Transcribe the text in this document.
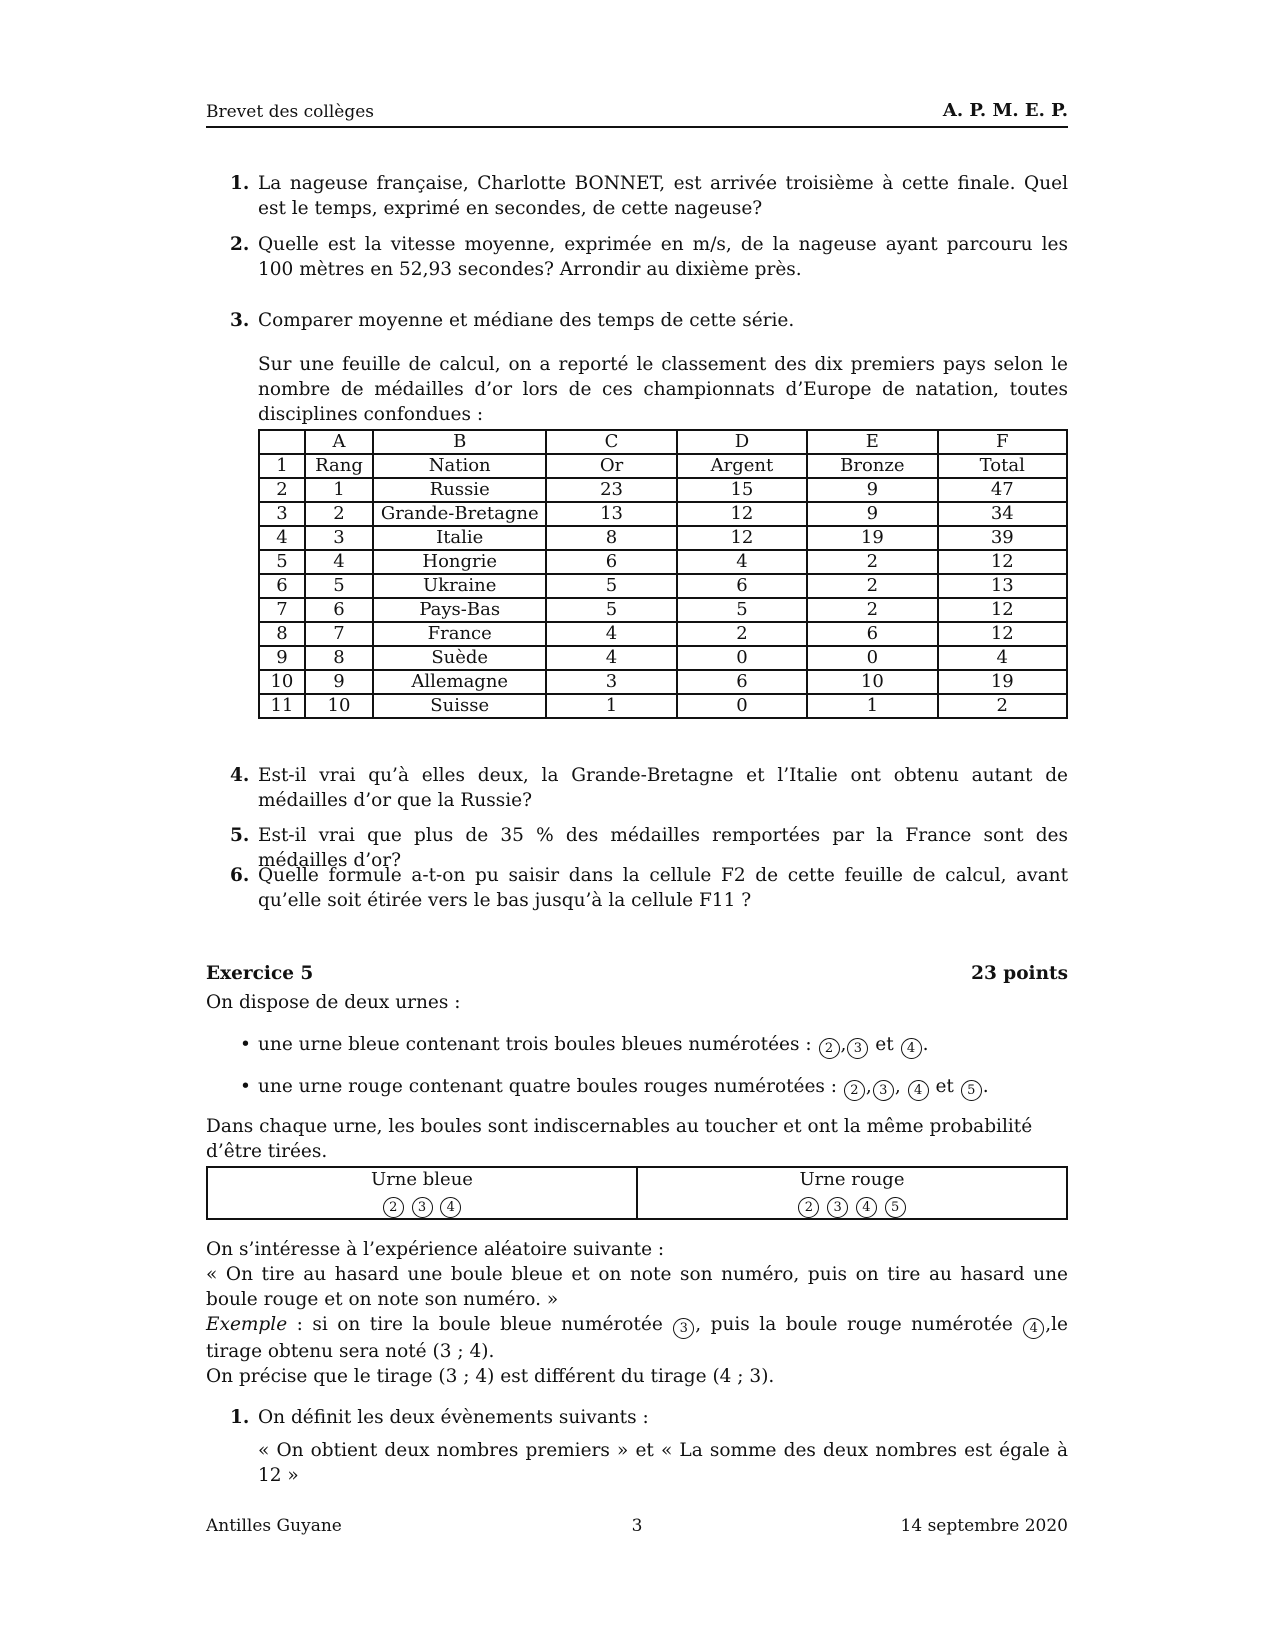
Brevet des collèges	A. P. M. E. P.
1. La nageuse française, Charlotte BONNET, est arrivée troisième à cette finale. Quel est le temps, exprimé en secondes, de cette nageuse?
2. Quelle est la vitesse moyenne, exprimée en m/s, de la nageuse ayant parcouru les 100 mètres en 52,93 secondes? Arrondir au dixième près.
3. Comparer moyenne et médiane des temps de cette série.
Sur une feuille de calcul, on a reporté le classement des dix premiers pays selon le nombre de médailles d’or lors de ces championnats d’Europe de natation, toutes disciplines confondues :
	A	B	C	D	E	F
1	Rang	Nation	Or	Argent	Bronze	Total
2	1	Russie	23	15	9	47
3	2	Grande-Bretagne	13	12	9	34
4	3	Italie	8	12	19	39
5	4	Hongrie	6	4	2	12
6	5	Ukraine	5	6	2	13
7	6	Pays-Bas	5	5	2	12
8	7	France	4	2	6	12
9	8	Suède	4	0	0	4
10	9	Allemagne	3	6	10	19
11	10	Suisse	1	0	1	2
4. Est-il vrai qu’à elles deux, la Grande-Bretagne et l’Italie ont obtenu autant de médailles d’or que la Russie?
5. Est-il vrai que plus de 35 % des médailles remportées par la France sont des médailles d’or?
6. Quelle formule a-t-on pu saisir dans la cellule F2 de cette feuille de calcul, avant qu’elle soit étirée vers le bas jusqu’à la cellule F11 ?
Exercice 5	23 points
On dispose de deux urnes :
• une urne bleue contenant trois boules bleues numérotées : 2 , 3 et 4 .
• une urne rouge contenant quatre boules rouges numérotées : 2 , 3 , 4 et 5 .
Dans chaque urne, les boules sont indiscernables au toucher et ont la même probabilité d’être tirées.
Urne bleue
2 3 4

Urne rouge
2 3 4 5
On s’intéresse à l’expérience aléatoire suivante :
« On tire au hasard une boule bleue et on note son numéro, puis on tire au hasard une boule rouge et on note son numéro. »
Exemple : si on tire la boule bleue numérotée 3 , puis la boule rouge numérotée 4 ,le tirage obtenu sera noté (3 ; 4).
On précise que le tirage (3 ; 4) est différent du tirage (4 ; 3).
1. On définit les deux évènements suivants :
« On obtient deux nombres premiers » et « La somme des deux nombres est égale à 12 »
Antilles Guyane	3	14 septembre 2020
